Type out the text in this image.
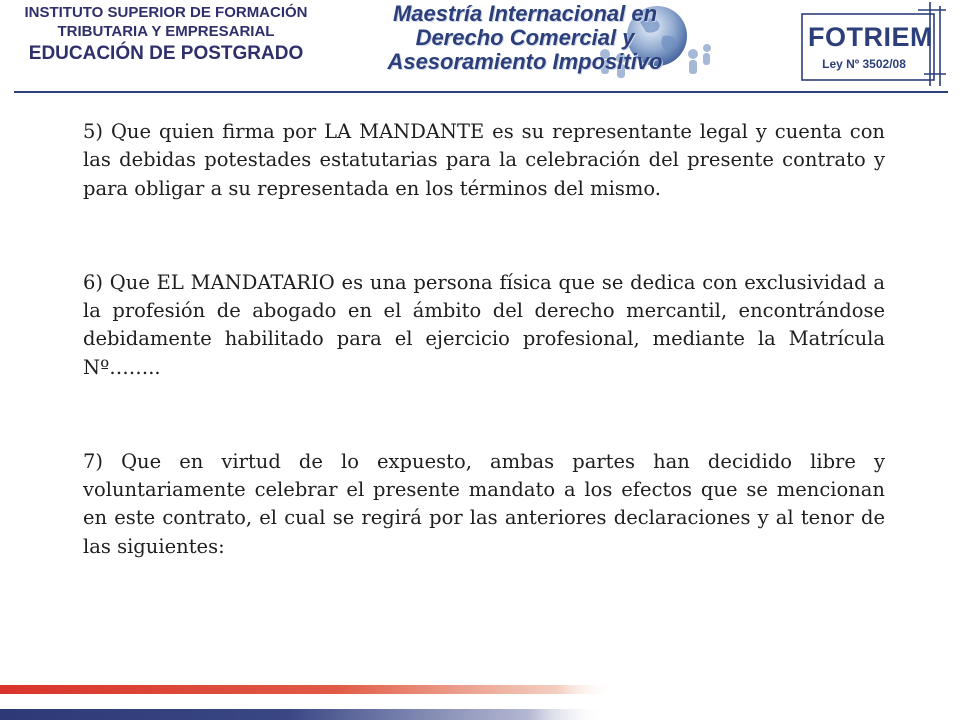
INSTITUTO SUPERIOR DE FORMACIÓN
TRIBUTARIA Y EMPRESARIAL
EDUCACIÓN DE POSTGRADO
Maestría Internacional en
Derecho Comercial y
Asesoramiento Impositivo
FOTRIEM
Ley Nº 3502/08

5) Que quien firma por LA MANDANTE es su representante legal y cuenta con las debidas potestades estatutarias para la celebración del presente contrato y para obligar a su representada en los términos del mismo.

6) Que EL MANDATARIO es una persona física que se dedica con exclusividad a la profesión de abogado en el ámbito del derecho mercantil, encontrándose debidamente habilitado para el ejercicio profesional, mediante la Matrícula Nº……..

7) Que en virtud de lo expuesto, ambas partes han decidido libre y voluntariamente celebrar el presente mandato a los efectos que se mencionan en este contrato, el cual se regirá por las anteriores declaraciones y al tenor de las siguientes:
